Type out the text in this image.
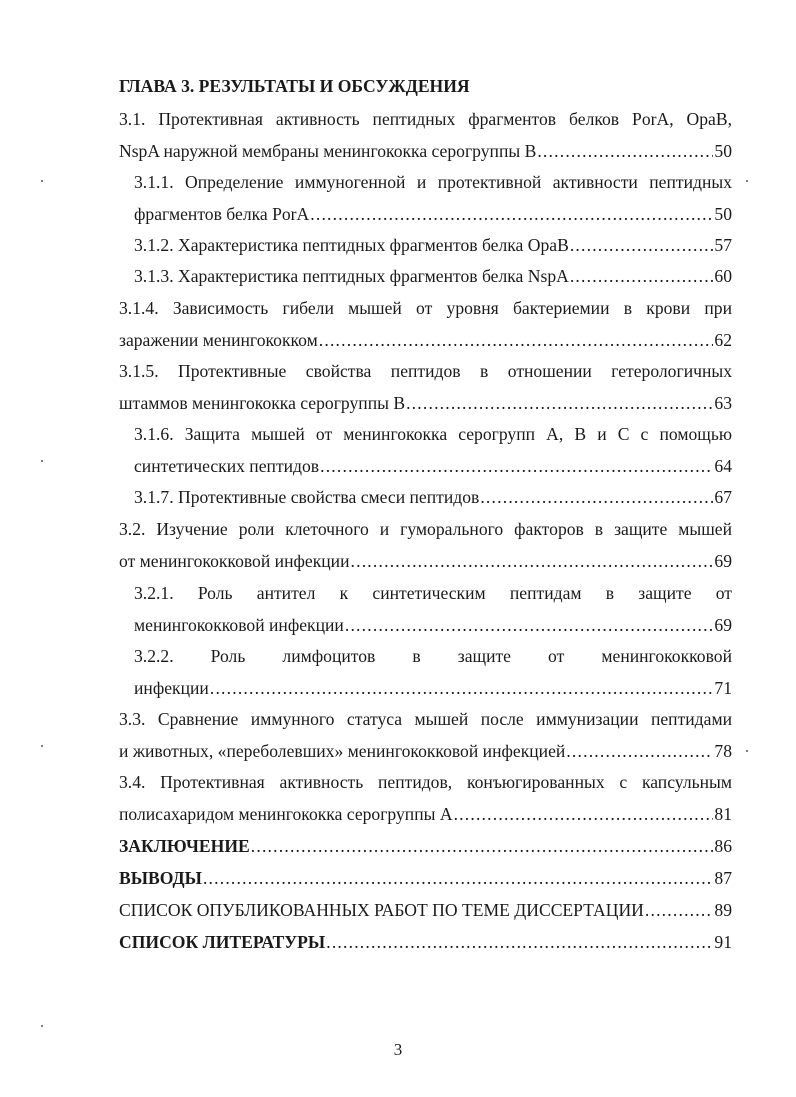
ГЛАВА 3. РЕЗУЛЬТАТЫ И ОБСУЖДЕНИЯ
3.1. Протективная активность пептидных фрагментов белков PorA, OpaB,
NspA наружной мембраны менингококка серогруппы В .....	50
3.1.1. Определение иммуногенной и протективной активности пептидных
фрагментов белка PorA .....	50
3.1.2. Характеристика пептидных фрагментов белка OpaB .....	57
3.1.3. Характеристика пептидных фрагментов белка NspA .....	60
3.1.4. Зависимость гибели мышей от уровня бактериемии в крови при
заражении менингококком .....	62
3.1.5. Протективные свойства пептидов в отношении гетерологичных
штаммов менингококка серогруппы В .....	63
3.1.6. Защита мышей от менингококка серогрупп А, В и С с помощью
синтетических пептидов .....	64
3.1.7. Протективные свойства смеси пептидов .....	67
3.2. Изучение роли клеточного и гуморального факторов в защите мышей
от менингококковой инфекции .....	69
3.2.1. Роль антител к синтетическим пептидам в защите от
менингококковой инфекции .....	69
3.2.2. Роль лимфоцитов в защите от менингококковой
инфекции .....	71
3.3. Сравнение иммунного статуса мышей после иммунизации пептидами
и животных, «переболевших» менингококковой инфекцией .....	78
3.4. Протективная активность пептидов, конъюгированных с капсульным
полисахаридом менингококка серогруппы А .....	81
ЗАКЛЮЧЕНИЕ .....	86
ВЫВОДЫ .....	87
СПИСОК ОПУБЛИКОВАННЫХ РАБОТ ПО ТЕМЕ ДИССЕРТАЦИИ .....	89
СПИСОК ЛИТЕРАТУРЫ .....	91
3
